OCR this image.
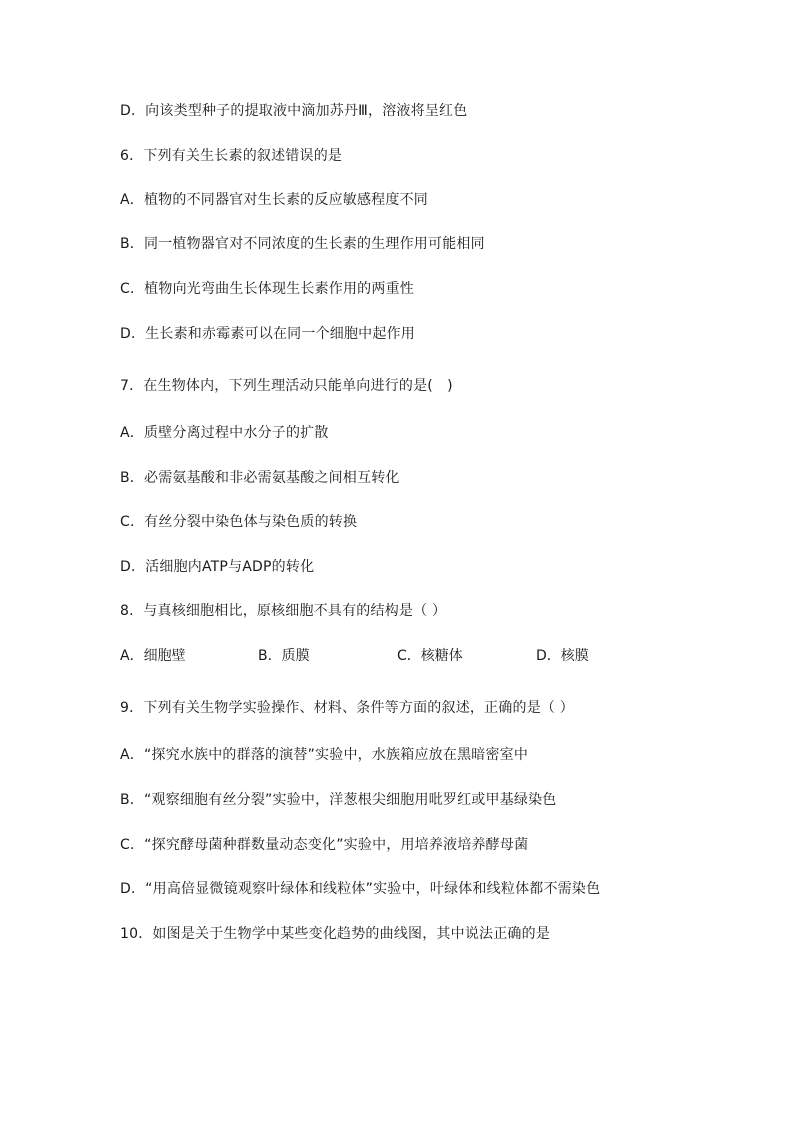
D．向该类型种子的提取液中滴加苏丹Ⅲ，溶液将呈红色
6．下列有关生长素的叙述错误的是
A．植物的不同器官对生长素的反应敏感程度不同
B．同一植物器官对不同浓度的生长素的生理作用可能相同
C．植物向光弯曲生长体现生长素作用的两重性
D．生长素和赤霉素可以在同一个细胞中起作用
7．在生物体内，下列生理活动只能单向进行的是(　)
A．质壁分离过程中水分子的扩散
B．必需氨基酸和非必需氨基酸之间相互转化
C．有丝分裂中染色体与染色质的转换
D．活细胞内ATP与ADP的转化
8．与真核细胞相比，原核细胞不具有的结构是（ ）
A．细胞壁	B．质膜	C．核糖体	D．核膜
9．下列有关生物学实验操作、材料、条件等方面的叙述，正确的是（ ）
A．“探究水族中的群落的演替”实验中，水族箱应放在黑暗密室中
B．“观察细胞有丝分裂”实验中，洋葱根尖细胞用吡罗红或甲基绿染色
C．“探究酵母菌种群数量动态变化”实验中，用培养液培养酵母菌
D．“用高倍显微镜观察叶绿体和线粒体”实验中，叶绿体和线粒体都不需染色
10．如图是关于生物学中某些变化趋势的曲线图，其中说法正确的是
